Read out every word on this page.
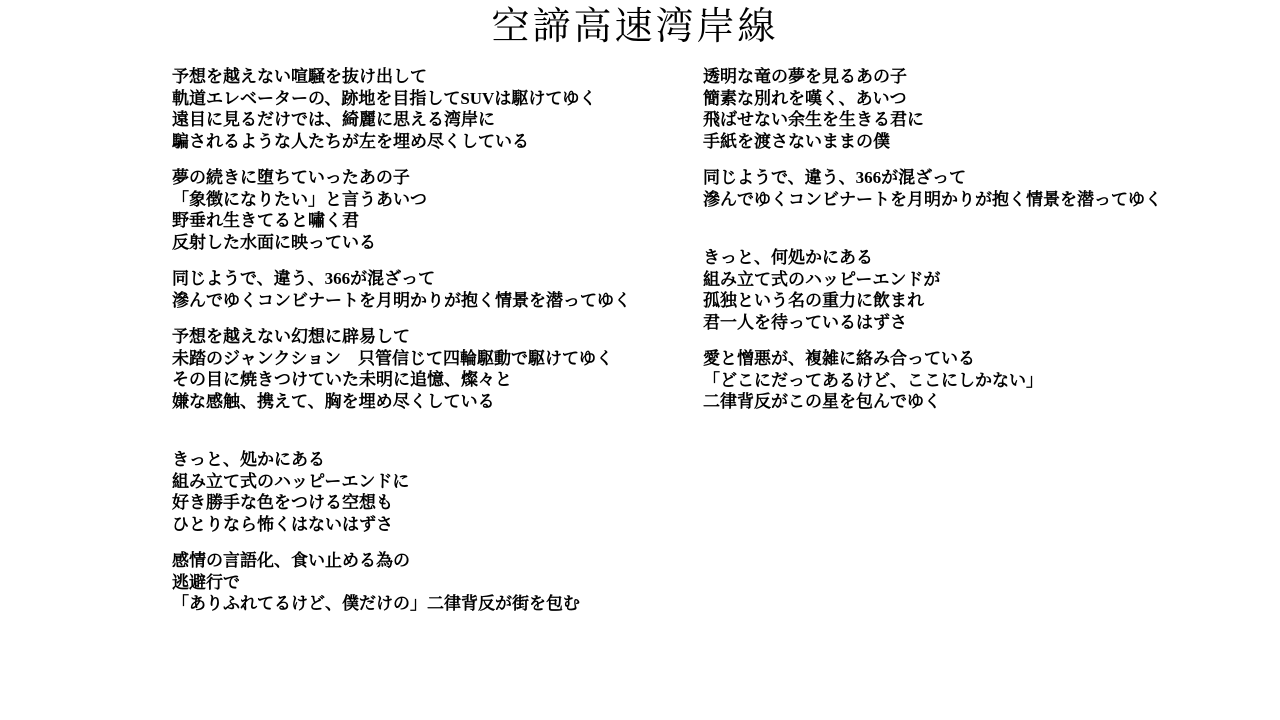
空諦高速湾岸線

予想を越えない喧騒を抜け出して
軌道エレベーターの、跡地を目指してSUVは駆けてゆく
遠目に見るだけでは、綺麗に思える湾岸に
騙されるような人たちが左を埋め尽くしている

夢の続きに堕ちていったあの子
「象徴になりたい」と言うあいつ
野垂れ生きてると嘯く君
反射した水面に映っている

同じようで、違う、366が混ざって
滲んでゆくコンビナートを月明かりが抱く情景を潜ってゆく

予想を越えない幻想に辟易して
未踏のジャンクション　只管信じて四輪駆動で駆けてゆく
その目に焼きつけていた未明に追憶、燦々と
嫌な感触、携えて、胸を埋め尽くしている

きっと、処かにある
組み立て式のハッピーエンドに
好き勝手な色をつける空想も
ひとりなら怖くはないはずさ

感情の言語化、食い止める為の
逃避行で
「ありふれてるけど、僕だけの」二律背反が街を包む

透明な竜の夢を見るあの子
簡素な別れを嘆く、あいつ
飛ばせない余生を生きる君に
手紙を渡さないままの僕

同じようで、違う、366が混ざって
滲んでゆくコンビナートを月明かりが抱く情景を潜ってゆく

きっと、何処かにある
組み立て式のハッピーエンドが
孤独という名の重力に飲まれ
君一人を待っているはずさ

愛と憎悪が、複雑に絡み合っている
「どこにだってあるけど、ここにしかない」
二律背反がこの星を包んでゆく
